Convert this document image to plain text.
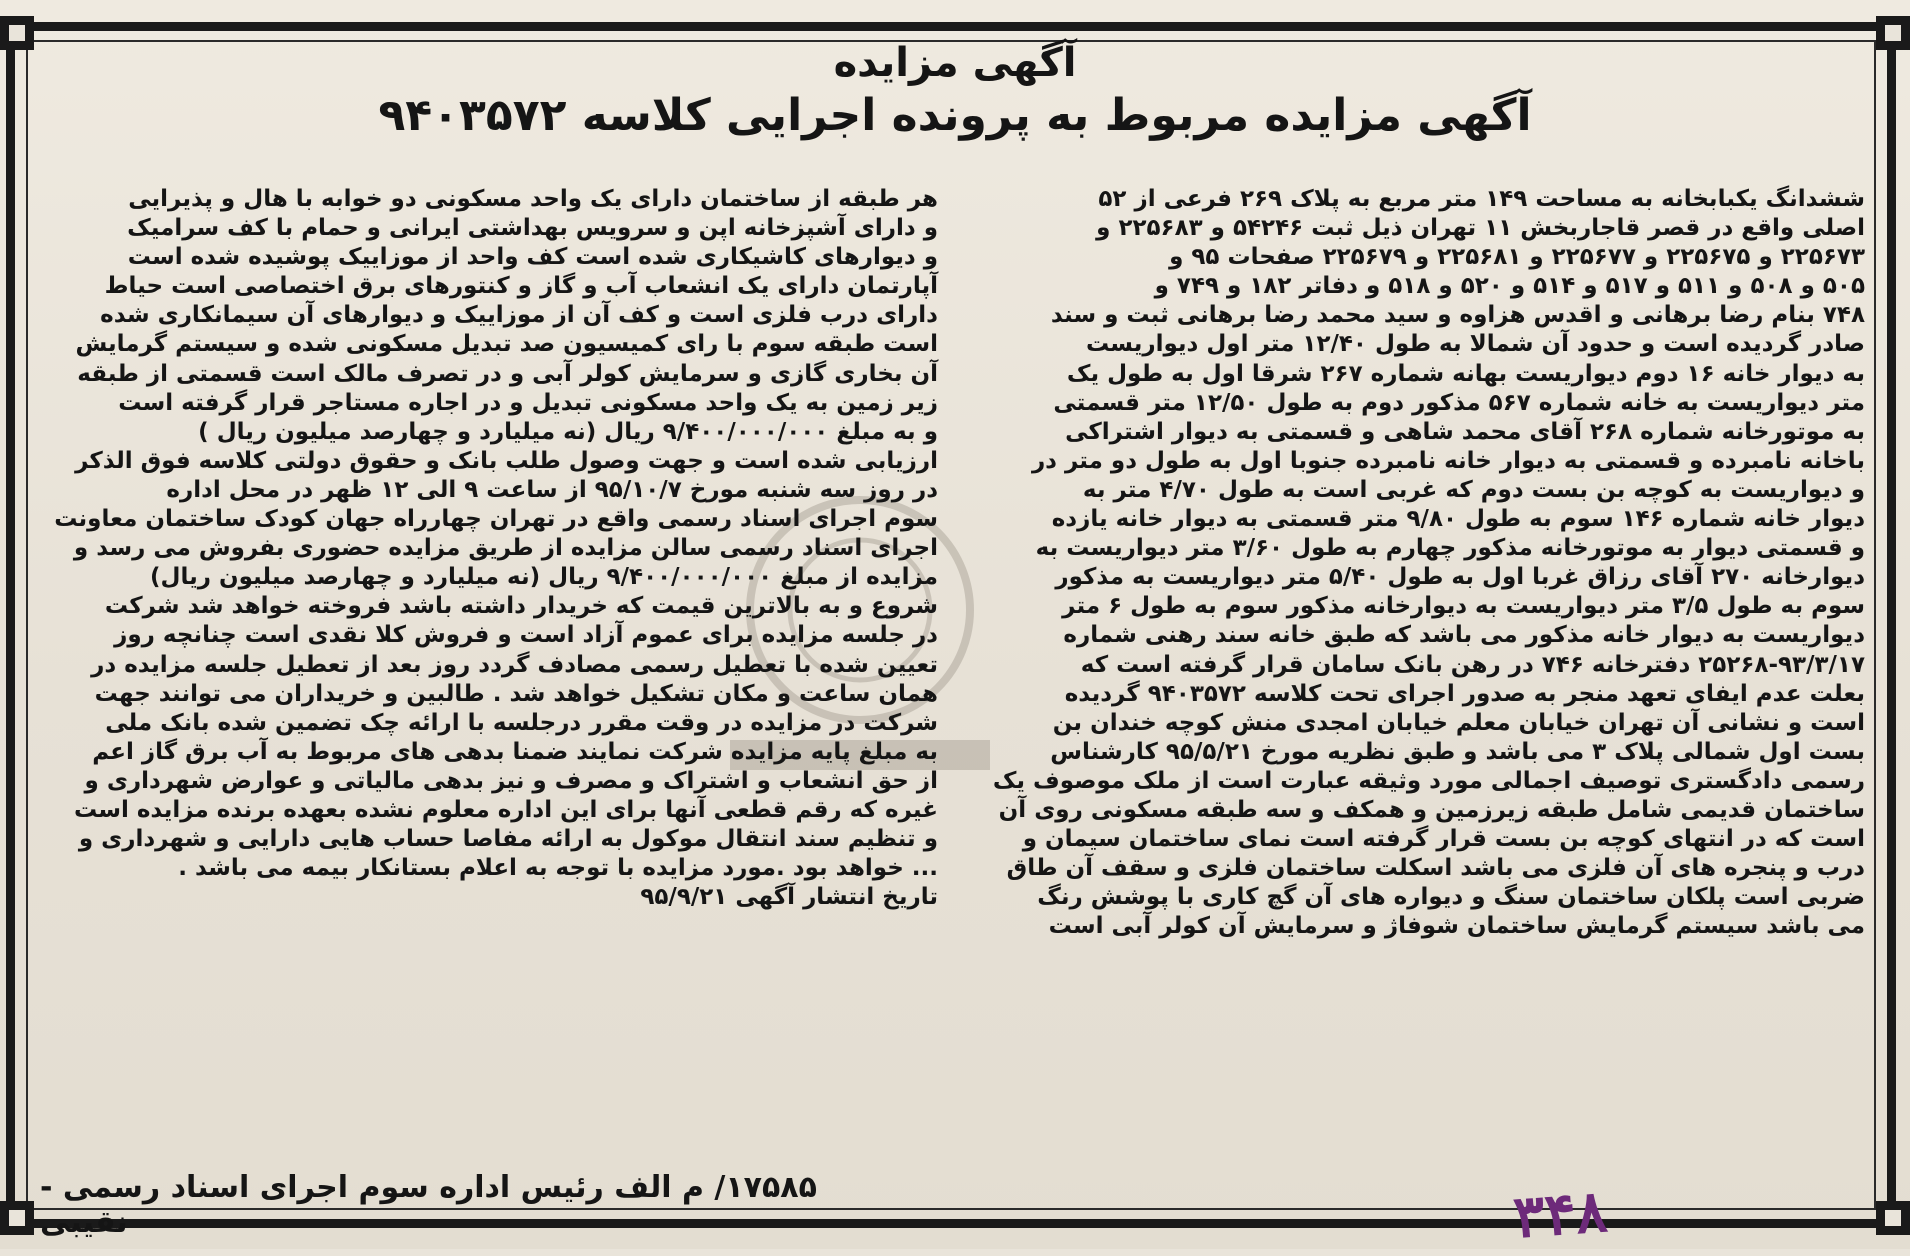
آگهی مزایده
آگهی مزایده مربوط به پرونده اجرایی کلاسه ۹۴۰۳۵۷۲
ششدانگ یکبابخانه به مساحت ۱۴۹ متر مربع به پلاک ۲۶۹ فرعی از ۵۲
اصلی واقع در قصر قاجاربخش ۱۱ تهران ذیل ثبت ۵۴۲۴۶ و ۲۲۵۶۸۳ و
۲۲۵۶۷۳ و ۲۲۵۶۷۵ و ۲۲۵۶۷۷ و ۲۲۵۶۸۱ و ۲۲۵۶۷۹ صفحات ۹۵ و
۵۰۵ و ۵۰۸ و ۵۱۱ و ۵۱۷ و ۵۱۴ و ۵۲۰ و ۵۱۸ و دفاتر ۱۸۲ و ۷۴۹ و
۷۴۸ بنام رضا برهانی و اقدس هزاوه و سید محمد رضا برهانی ثبت و سند
صادر گردیده است و حدود آن شمالا به طول ۱۲/۴۰ متر اول دیواریست
به دیوار خانه ۱۶ دوم دیواریست بهانه شماره ۲۶۷ شرقا اول به طول یک
متر دیواریست به خانه شماره ۵۶۷ مذکور دوم به طول ۱۲/۵۰ متر قسمتی
به موتورخانه شماره ۲۶۸ آقای محمد شاهی و قسمتی به دیوار اشتراکی
باخانه نامبرده و قسمتی به دیوار خانه نامبرده جنوبا اول به طول دو متر در
و دیواریست به کوچه بن بست دوم که غربی است به طول ۴/۷۰ متر به
دیوار خانه شماره ۱۴۶ سوم به طول ۹/۸۰ متر قسمتی به دیوار خانه یازده
و قسمتی دیوار به موتورخانه مذکور چهارم به طول ۳/۶۰ متر دیواریست به
دیوارخانه ۲۷۰ آقای رزاق غربا اول به طول ۵/۴۰ متر دیواریست به مذکور
سوم به طول ۳/۵ متر دیواریست به دیوارخانه مذکور سوم به طول ۶ متر
دیواریست به دیوار خانه مذکور می باشد که طبق خانه سند رهنی شماره
۲۵۲۶۸-۹۳/۳/۱۷ دفترخانه ۷۴۶ در رهن بانک سامان قرار گرفته است که
بعلت عدم ایفای تعهد منجر به صدور اجرای تحت کلاسه ۹۴۰۳۵۷۲ گردیده
است و نشانی آن تهران خیابان معلم خیابان امجدی منش کوچه خندان بن
بست اول شمالی پلاک ۳ می باشد و طبق نظریه مورخ ۹۵/۵/۲۱ کارشناس
رسمی دادگستری توصیف اجمالی مورد وثیقه عبارت است از ملک موصوف یک
ساختمان قدیمی شامل طبقه زیرزمین و همکف و سه طبقه مسکونی روی آن
است که در انتهای کوچه بن بست قرار گرفته است نمای ساختمان سیمان و
درب و پنجره های آن فلزی می باشد اسکلت ساختمان فلزی و سقف آن طاق
ضربی است پلکان ساختمان سنگ و دیواره های آن گچ کاری با پوشش رنگ
می باشد سیستم گرمایش ساختمان شوفاژ و سرمایش آن کولر آبی است
هر طبقه از ساختمان دارای یک واحد مسکونی دو خوابه با هال و پذیرایی
و دارای آشپزخانه اپن و سرویس بهداشتی ایرانی و حمام با کف سرامیک
و دیوارهای کاشیکاری شده است کف واحد از موزاییک پوشیده شده است
آپارتمان دارای یک انشعاب آب و گاز و کنتورهای برق اختصاصی است حیاط
دارای درب فلزی است و کف آن از موزاییک و دیوارهای آن سیمانکاری شده
است طبقه سوم با رای کمیسیون صد تبدیل مسکونی شده و سیستم گرمایش
آن بخاری گازی و سرمایش کولر آبی و در تصرف مالک است قسمتی از طبقه
زیر زمین به یک واحد مسکونی تبدیل و در اجاره مستاجر قرار گرفته است
و به مبلغ ۹/۴۰۰/۰۰۰/۰۰۰ ریال (نه میلیارد و چهارصد میلیون ریال )
ارزیابی شده است و جهت وصول طلب بانک و حقوق دولتی کلاسه فوق الذکر
در روز سه شنبه مورخ ۹۵/۱۰/۷ از ساعت ۹ الی ۱۲ ظهر در محل اداره
سوم اجرای اسناد رسمی واقع در تهران چهارراه جهان کودک ساختمان معاونت
اجرای اسناد رسمی سالن مزایده از طریق مزایده حضوری بفروش می رسد و
مزایده از مبلغ ۹/۴۰۰/۰۰۰/۰۰۰ ریال (نه میلیارد و چهارصد میلیون ریال)
شروع و به بالاترین قیمت که خریدار داشته باشد فروخته خواهد شد شرکت
در جلسه مزایده برای عموم آزاد است و فروش کلا نقدی است چنانچه روز
تعیین شده با تعطیل رسمی مصادف گردد روز بعد از تعطیل جلسه مزایده در
همان ساعت و مکان تشکیل خواهد شد . طالبین و خریداران می توانند جهت
شرکت در مزایده در وقت مقرر درجلسه با ارائه چک تضمین شده بانک ملی
به مبلغ پایه مزایده شرکت نمایند ضمنا بدهی های مربوط به آب برق گاز اعم
از حق انشعاب و اشتراک و مصرف و نیز بدهی مالیاتی و عوارض شهرداری و
غیره که رقم قطعی آنها برای این اداره معلوم نشده بعهده برنده مزایده است
و تنظیم سند انتقال موکول به ارائه مفاصا حساب هایی دارایی و شهرداری و
... خواهد بود .مورد مزایده با توجه به اعلام بستانکار بیمه می باشد .
تاریخ انتشار آگهی ۹۵/۹/۲۱
۱۷۵۸۵/ م الف رئیس اداره سوم اجرای اسناد رسمی - نقیبی	۳۴۸
